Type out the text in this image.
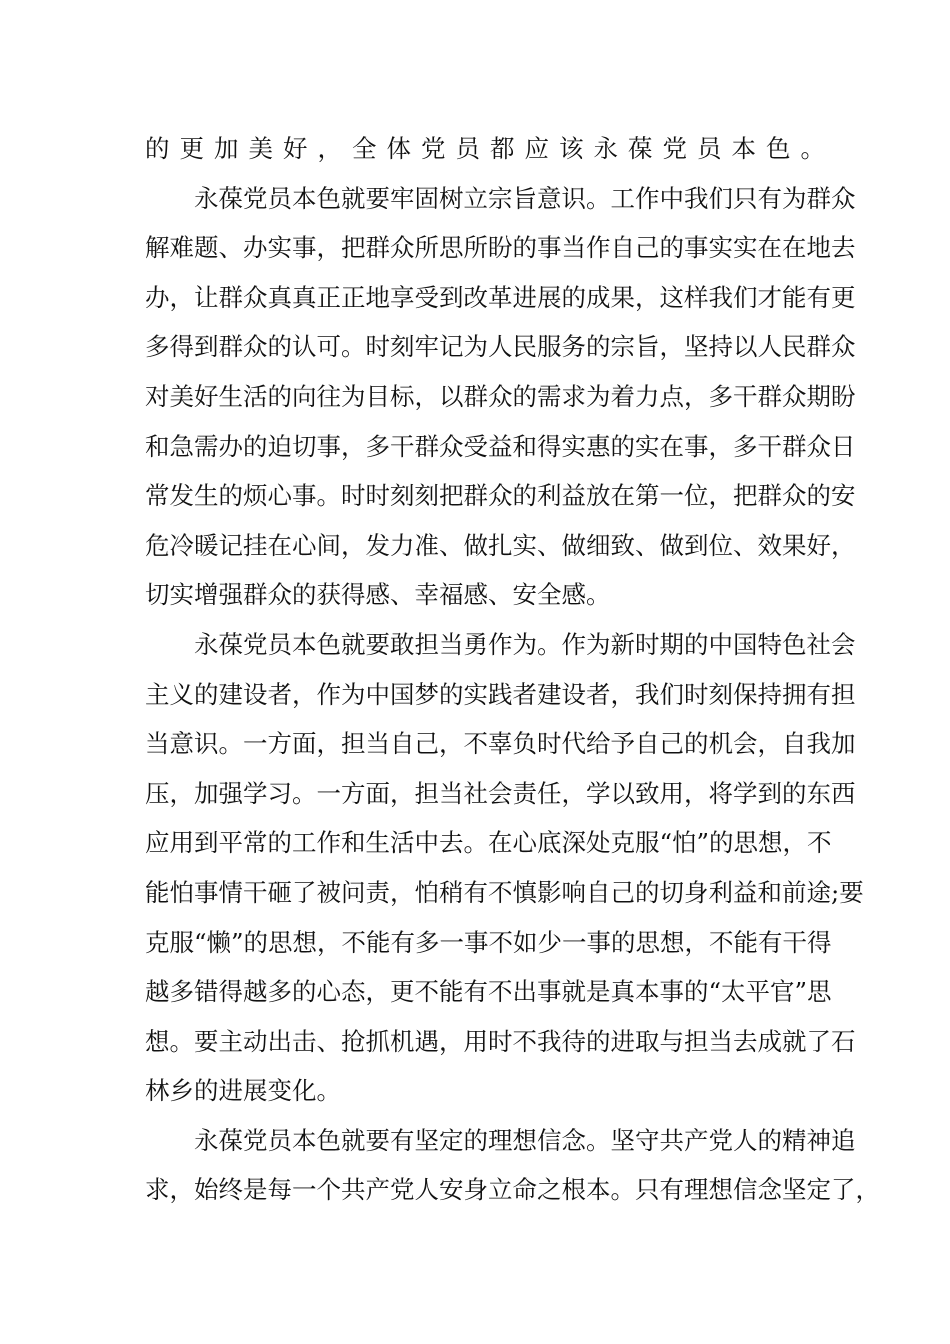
的更加美好，全体党员都应该永葆党员本色。
　　永葆党员本色就要牢固树立宗旨意识。工作中我们只有为群众
解难题、办实事，把群众所思所盼的事当作自己的事实实在在地去
办，让群众真真正正地享受到改革进展的成果，这样我们才能有更
多得到群众的认可。时刻牢记为人民服务的宗旨，坚持以人民群众
对美好生活的向往为目标，以群众的需求为着力点，多干群众期盼
和急需办的迫切事，多干群众受益和得实惠的实在事，多干群众日
常发生的烦心事。时时刻刻把群众的利益放在第一位，把群众的安
危冷暖记挂在心间，发力准、做扎实、做细致、做到位、效果好，
切实增强群众的获得感、幸福感、安全感。
　　永葆党员本色就要敢担当勇作为。作为新时期的中国特色社会
主义的建设者，作为中国梦的实践者建设者，我们时刻保持拥有担
当意识。一方面，担当自己，不辜负时代给予自己的机会，自我加
压，加强学习。一方面，担当社会责任，学以致用，将学到的东西
应用到平常的工作和生活中去。在心底深处克服“怕”的思想，不
能怕事情干砸了被问责，怕稍有不慎影响自己的切身利益和前途;要
克服“懒”的思想，不能有多一事不如少一事的思想，不能有干得
越多错得越多的心态，更不能有不出事就是真本事的“太平官”思
想。要主动出击、抢抓机遇，用时不我待的进取与担当去成就了石
林乡的进展变化。
　　永葆党员本色就要有坚定的理想信念。坚守共产党人的精神追
求，始终是每一个共产党人安身立命之根本。只有理想信念坚定了，
